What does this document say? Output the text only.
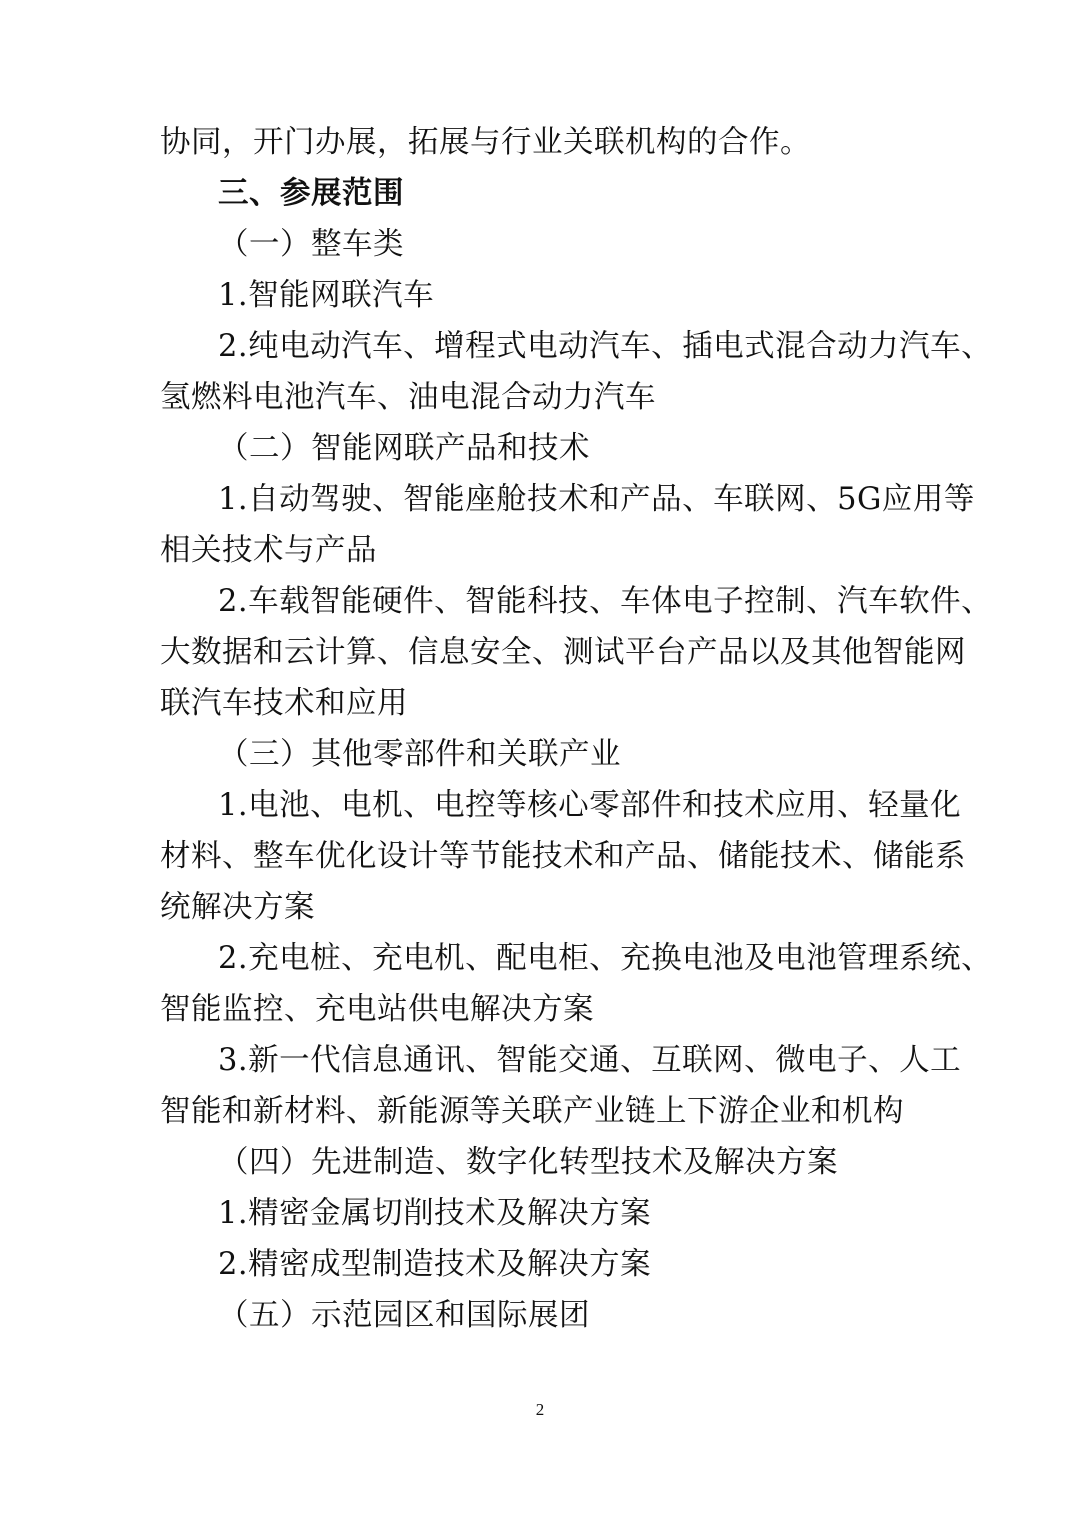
协同，开门办展，拓展与行业关联机构的合作。
三、参展范围
（一）整车类
1.智能网联汽车
2.纯电动汽车、增程式电动汽车、插电式混合动力汽车、
氢燃料电池汽车、油电混合动力汽车
（二）智能网联产品和技术
1.自动驾驶、智能座舱技术和产品、车联网、5G应用等
相关技术与产品
2.车载智能硬件、智能科技、车体电子控制、汽车软件、
大数据和云计算、信息安全、测试平台产品以及其他智能网
联汽车技术和应用
（三）其他零部件和关联产业
1.电池、电机、电控等核心零部件和技术应用、轻量化
材料、整车优化设计等节能技术和产品、储能技术、储能系
统解决方案
2.充电桩、充电机、配电柜、充换电池及电池管理系统、
智能监控、充电站供电解决方案
3.新一代信息通讯、智能交通、互联网、微电子、人工
智能和新材料、新能源等关联产业链上下游企业和机构
（四）先进制造、数字化转型技术及解决方案
1.精密金属切削技术及解决方案
2.精密成型制造技术及解决方案
（五）示范园区和国际展团
2
